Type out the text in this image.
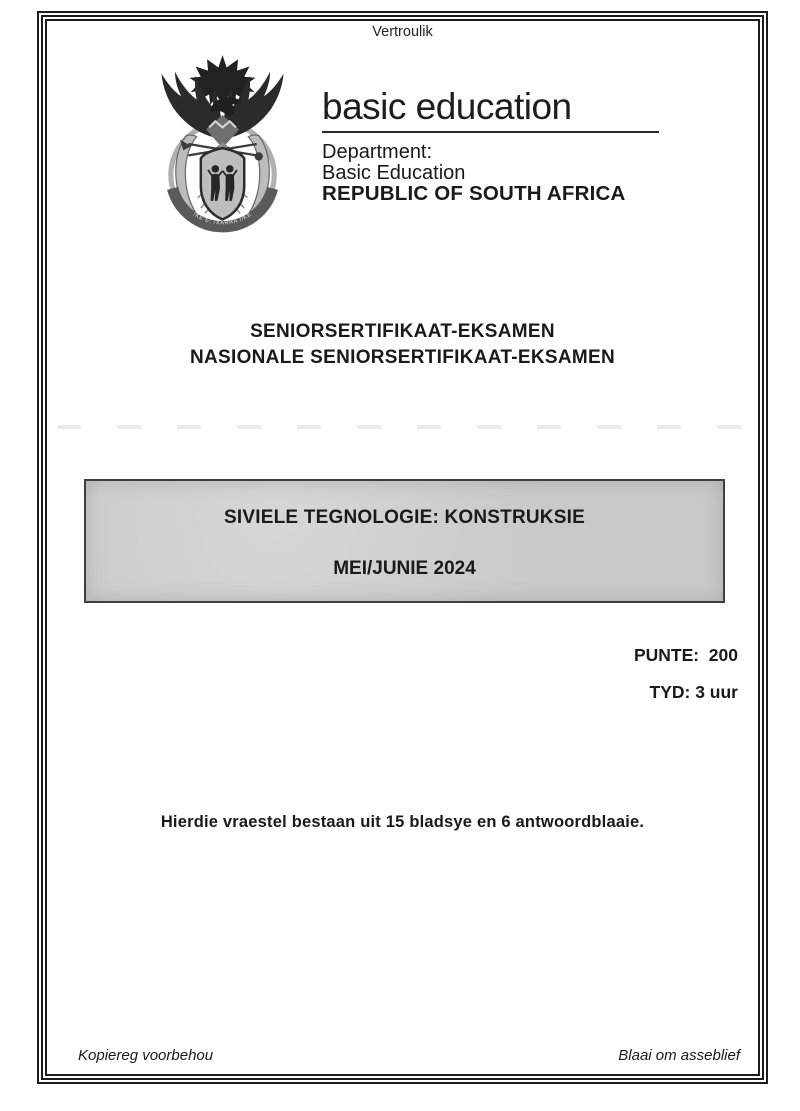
Vertroulik
!KE E: /XARRA //KE
basic education
Department:
Basic Education
REPUBLIC OF SOUTH AFRICA
SENIORSERTIFIKAAT-EKSAMEN
NASIONALE SENIORSERTIFIKAAT-EKSAMEN
SIVIELE TEGNOLOGIE: KONSTRUKSIE
MEI/JUNIE 2024
PUNTE:  200
TYD: 3 uur
Hierdie vraestel bestaan uit 15 bladsye en 6 antwoordblaaie.
Kopiereg voorbehou	Blaai om asseblief
